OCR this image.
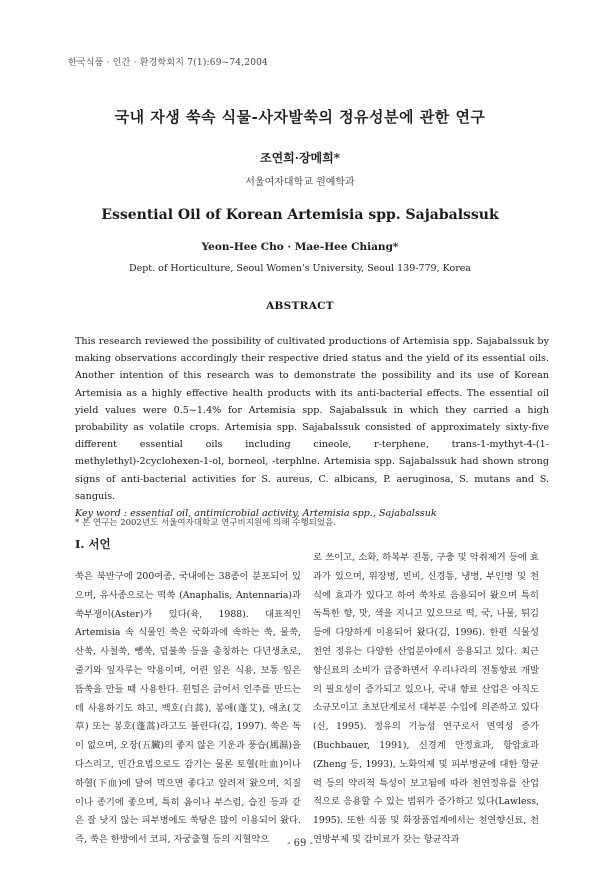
한국식품 · 인간 · 환경학회지 7(1):69~74,2004
국내 자생 쑥속 식물-사자발쑥의 정유성분에 관한 연구
조연희·장메희*
서울여자대학교 원예학과
Essential Oil of Korean Artemisia spp. Sajabalssuk
Yeon-Hee Cho · Mae-Hee Chiang*
Dept. of Horticulture, Seoul Women's University, Seoul 139-779, Korea
ABSTRACT
This research reviewed the possibility of cultivated productions of Artemisia spp. Sajabalssuk by making observations accordingly their respective dried status and the yield of its essential oils. Another intention of this research was to demonstrate the possibility and its use of Korean Artemisia as a highly effective health products with its anti-bacterial effects. The essential oil yield values were 0.5~1.4% for Artemisia spp. Sajabalssuk in which they carried a high probability as volatile crops. Artemisia spp. Sajabalssuk consisted of approximately sixty-five different essential oils including cineole, r-terphene, trans-1-mythyt-4-(1-methylethyl)-2cyclohexen-1-ol, borneol, -terphlne. Artemisia spp. Sajabalssuk had shown strong signs of anti-bacterial activities for S. aureus, C. albicans, P. aeruginosa, S. mutans and S. sanguis.
Key word : essential oil, antimicrobial activity, Artemisia spp., Sajabalssuk
I. 서언
쑥은 북반구에 200여종, 국내에는 38종이 분포되어 있으며, 유사종으로는 떡쑥 (Anaphalis, Antennaria)과 쑥부쟁이(Aster)가 있다(육, 1988). 대표적인 Artemisia 속 식물인 쑥은 국화과에 속하는 쑥, 물쑥, 산쑥, 사철쑥, 뺑쑥, 덤불쑥 등을 총칭하는 다년생초로, 줄기와 잎자루는 약용이며, 어린 잎은 식용, 보통 잎은 뜸쑥을 만들 때 사용한다. 흰털은 긁어서 인주를 만드는데 사용하기도 하고, 백호(白蒿), 봉애(蓬艾), 애초(艾草) 또는 봉호(蓬蒿)라고도 불린다(김, 1997). 쑥은 독이 없으며, 오장(五臟)의 좋지 않은 기운과 풍습(風濕)을 다스리고, 민간요법으로도 감기는 물론 토혈(吐血)이나 하혈(下血)에 달여 먹으면 좋다고 알려져 왔으며, 치질이나 종기에 좋으며, 특히 옴이나 부스럼, 습진 등과 같은 잘 낫지 않는 피부병에도 쑥탕은 많이 이용되어 왔다. 즉, 쑥은 한방에서 코피, 자궁출혈 등의 지혈약으
로 쓰이고, 소화, 하복부 진통, 구충 및 악취제거 등에 효과가 있으며, 위장병, 빈비, 신경통, 냉병, 부인병 및 천식에 효과가 있다고 하여 쑥차로 음용되어 왔으며 특히 독특한 향, 맛, 색을 지니고 있으므로 떡, 국, 나물, 튀김 등에 다양하게 이용되어 왔다(김, 1996). 한편 식물성 천연 정유는 다양한 산업분야에서 응용되고 있다. 최근 향신료의 소비가 급증하면서 우리나라의 전통향료 개발의 필요성이 증가되고 있으나, 국내 향료 산업은 아직도 소규모이고 초보단계로서 대부분 수입에 의존하고 있다(신, 1995). 정유의 기능성 연구로서 면역성 증가(Buchbauer, 1991), 신경계 안정효과, 항암효과(Zheng 등, 1993), 노화억제 및 피부병균에 대한 항균력 등의 약리적 특성이 보고됨에 따라 천연정유를 산업적으로 응용할 수 있는 범위가 증가하고 있다(Lawless, 1995). 또한 식품 및 화장품업계에서는 천연향신료, 천연방부제 및 감미료가 갖는 항균작과
* 본 연구는 2002년도 서울여자대학교 연구비지원에 의해 수행되었음.
- 69 -
